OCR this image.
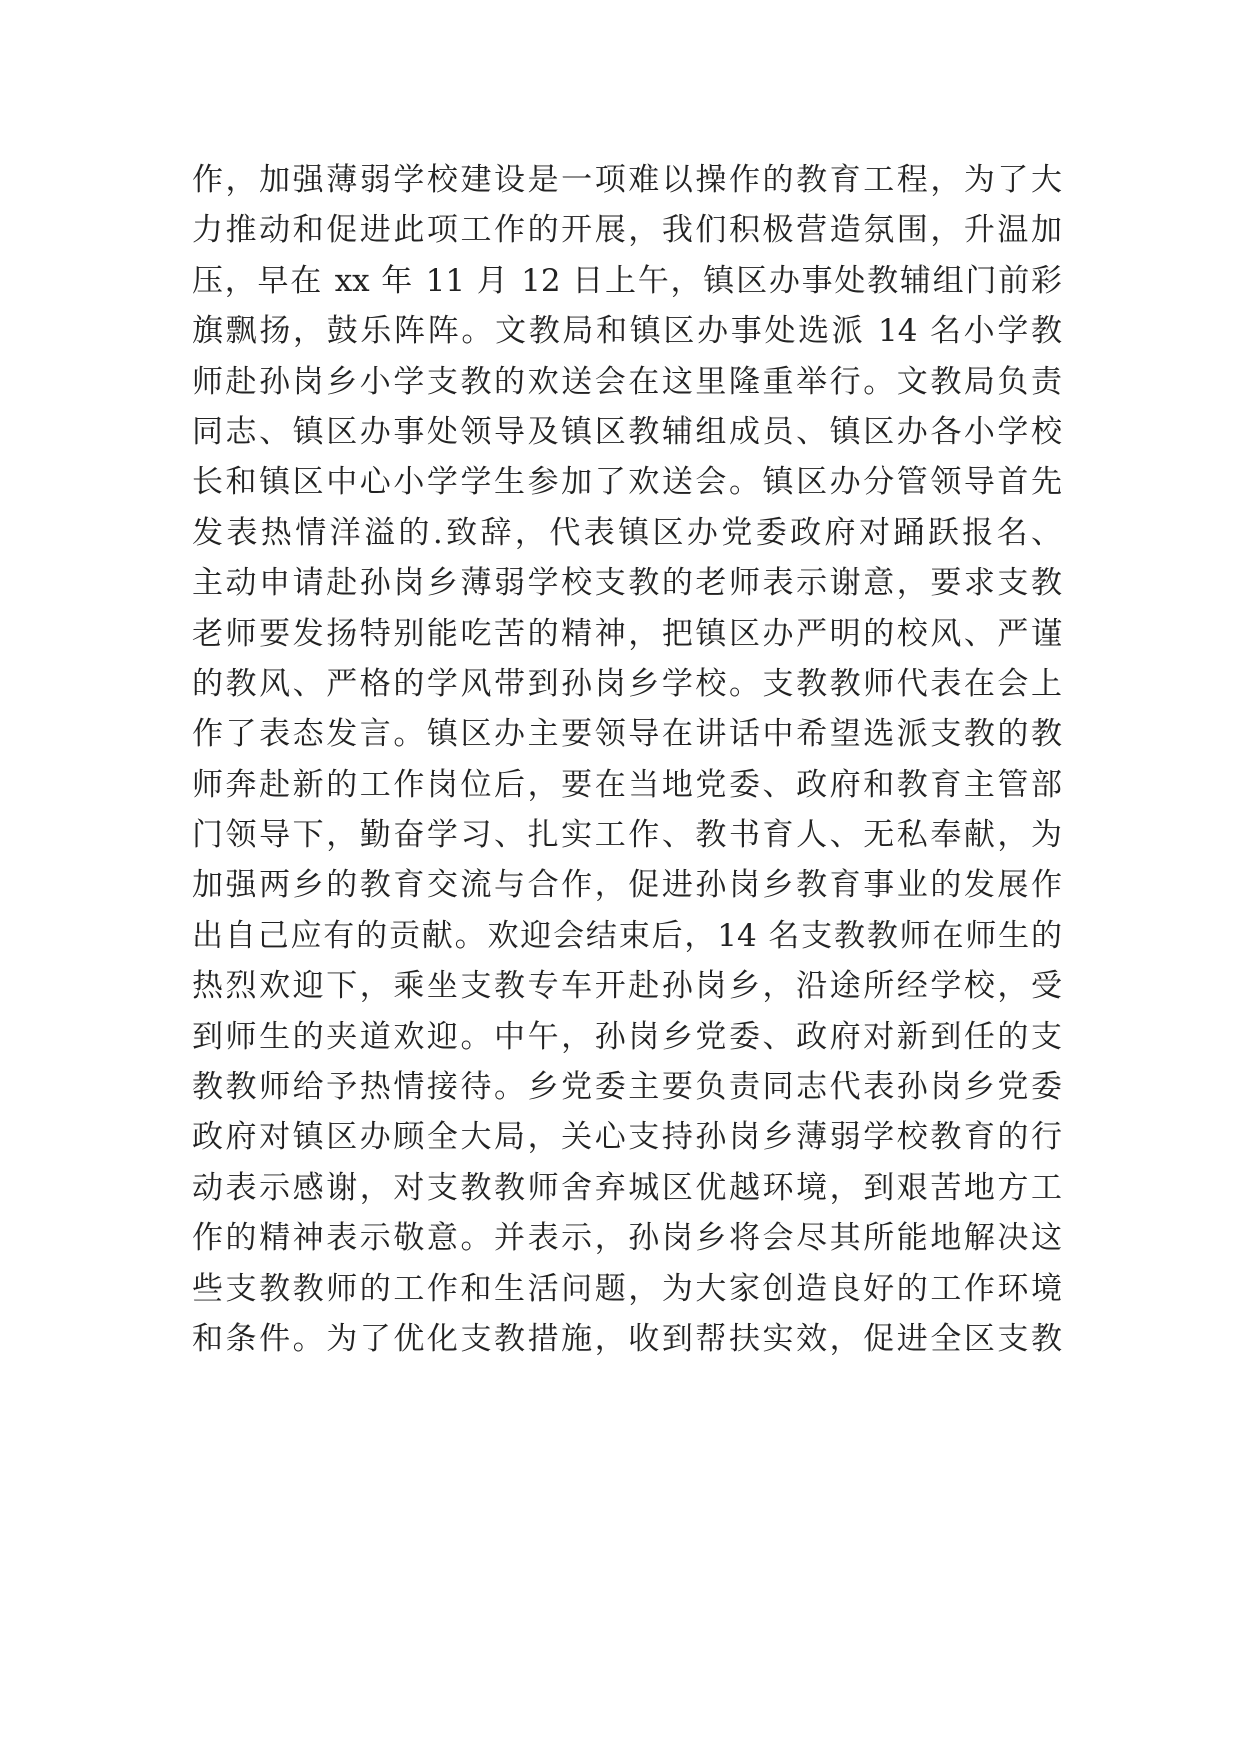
作，加强薄弱学校建设是一项难以操作的教育工程，为了大
力推动和促进此项工作的开展，我们积极营造氛围，升温加
压，早在 xx 年 11 月 12 日上午，镇区办事处教辅组门前彩
旗飘扬，鼓乐阵阵。文教局和镇区办事处选派 14 名小学教
师赴孙岗乡小学支教的欢送会在这里隆重举行。文教局负责
同志、镇区办事处领导及镇区教辅组成员、镇区办各小学校
长和镇区中心小学学生参加了欢送会。镇区办分管领导首先
发表热情洋溢的.致辞，代表镇区办党委政府对踊跃报名、
主动申请赴孙岗乡薄弱学校支教的老师表示谢意，要求支教
老师要发扬特别能吃苦的精神，把镇区办严明的校风、严谨
的教风、严格的学风带到孙岗乡学校。支教教师代表在会上
作了表态发言。镇区办主要领导在讲话中希望选派支教的教
师奔赴新的工作岗位后，要在当地党委、政府和教育主管部
门领导下，勤奋学习、扎实工作、教书育人、无私奉献，为
加强两乡的教育交流与合作，促进孙岗乡教育事业的发展作
出自己应有的贡献。欢迎会结束后，14 名支教教师在师生的
热烈欢迎下，乘坐支教专车开赴孙岗乡，沿途所经学校，受
到师生的夹道欢迎。中午，孙岗乡党委、政府对新到任的支
教教师给予热情接待。乡党委主要负责同志代表孙岗乡党委
政府对镇区办顾全大局，关心支持孙岗乡薄弱学校教育的行
动表示感谢，对支教教师舍弃城区优越环境，到艰苦地方工
作的精神表示敬意。并表示，孙岗乡将会尽其所能地解决这
些支教教师的工作和生活问题，为大家创造良好的工作环境
和条件。为了优化支教措施，收到帮扶实效，促进全区支教
